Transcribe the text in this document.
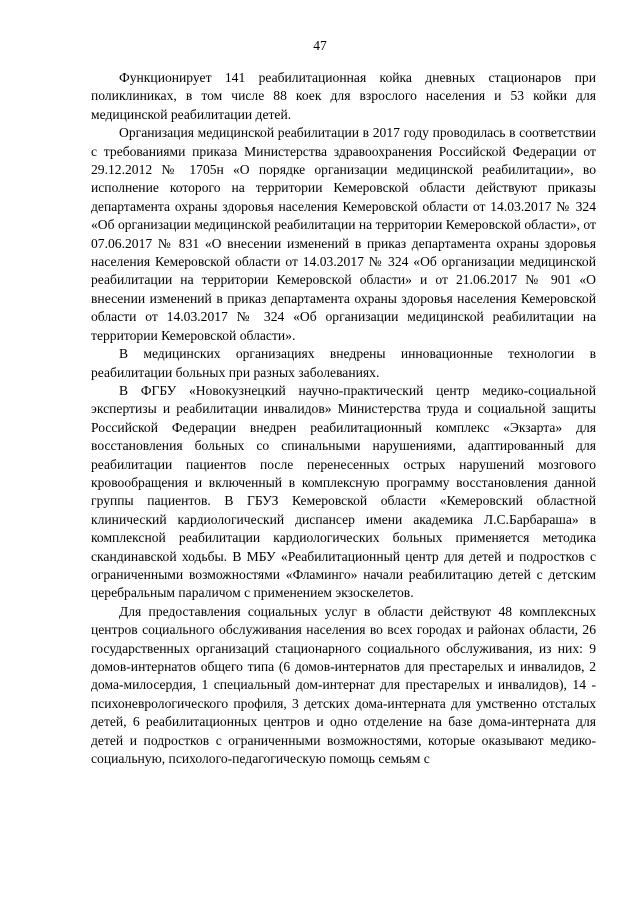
47

Функционирует 141 реабилитационная койка дневных стационаров при поликлиниках, в том числе 88 коек для взрослого населения и 53 койки для медицинской реабилитации детей.

Организация медицинской реабилитации в 2017 году проводилась в соответствии с требованиями приказа Министерства здравоохранения Российской Федерации от 29.12.2012 № 1705н «О порядке организации медицинской реабилитации», во исполнение которого на территории Кемеровской области действуют приказы департамента охраны здоровья населения Кемеровской области от 14.03.2017 № 324 «Об организации медицинской реабилитации на территории Кемеровской области», от 07.06.2017 № 831 «О внесении изменений в приказ департамента охраны здоровья населения Кемеровской области от 14.03.2017 № 324 «Об организации медицинской реабилитации на территории Кемеровской области» и от 21.06.2017 № 901 «О внесении изменений в приказ департамента охраны здоровья населения Кемеровской области от 14.03.2017 № 324 «Об организации медицинской реабилитации на территории Кемеровской области».

В медицинских организациях внедрены инновационные технологии в реабилитации больных при разных заболеваниях.

В ФГБУ «Новокузнецкий научно-практический центр медико-социальной экспертизы и реабилитации инвалидов» Министерства труда и социальной защиты Российской Федерации внедрен реабилитационный комплекс «Экзарта» для восстановления больных со спинальными нарушениями, адаптированный для реабилитации пациентов после перенесенных острых нарушений мозгового кровообращения и включенный в комплексную программу восстановления данной группы пациентов. В ГБУЗ Кемеровской области «Кемеровский областной клинический кардиологический диспансер имени академика Л.С.Барбараша» в комплексной реабилитации кардиологических больных применяется методика скандинавской ходьбы. В МБУ «Реабилитационный центр для детей и подростков с ограниченными возможностями «Фламинго» начали реабилитацию детей с детским церебральным параличом с применением экзоскелетов.

Для предоставления социальных услуг в области действуют 48 комплексных центров социального обслуживания населения во всех городах и районах области, 26 государственных организаций стационарного социального обслуживания, из них: 9 домов-интернатов общего типа (6 домов-интернатов для престарелых и инвалидов, 2 дома-милосердия, 1 специальный дом-интернат для престарелых и инвалидов), 14 - психоневрологического профиля, 3 детских дома-интерната для умственно отсталых детей, 6 реабилитационных центров и одно отделение на базе дома-интерната для детей и подростков с ограниченными возможностями, которые оказывают медико-социальную, психолого-педагогическую помощь семьям с
